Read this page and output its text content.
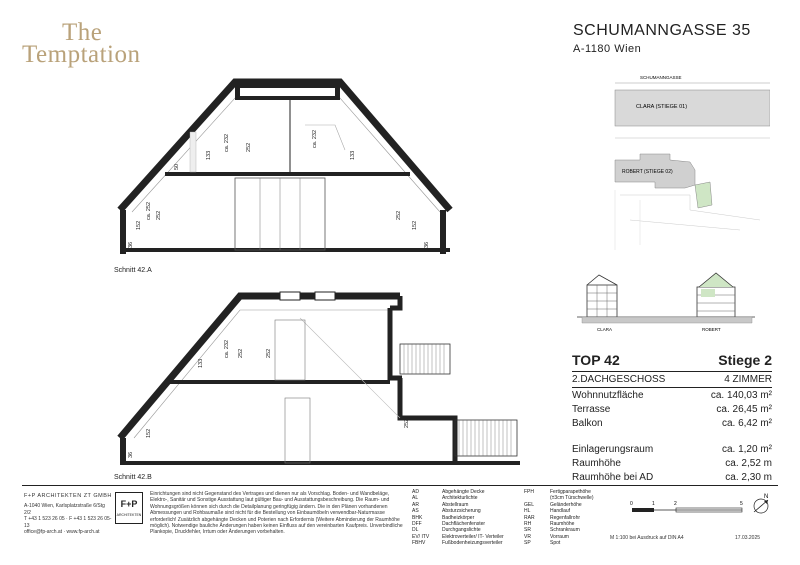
The
Temptation
SCHUMANNGASSE 35
A-1180 Wien
SCHUMANNGASSE
CLARA (STIEGE 01)
ROBERT (STIEGE 02)
CLARA	ROBERT
ca. 232	252
133
ca. 232
133
50
ca. 252 252
152
36
252
152
36
Schnitt 42.A
ca. 232 252	252
133
152
36
252
Schnitt 42.B
TOP 42	Stiege 2
2.DACHGESCHOSS	4 ZIMMER
Wohnnutzfläche	ca. 140,03 m²
Terrasse	ca. 26,45 m²
Balkon	ca. 6,42 m²
Einlagerungsraum	ca. 1,20 m²
Raumhöhe	ca. 2,52 m
Raumhöhe bei AD	ca. 2,30 m
F+P ARCHITEKTEN ZT GMBH
A-1040 Wien, Karlsplatzstraße 6/Stg 2/2
T +43 1 523 26 05 · F +43 1 523 26 05-13
office@fp-arch.at · www.fp-arch.at
F+P
ARCHITEKTEN
Einrichtungen sind nicht Gegenstand des Vertrages und dienen nur als Vorschlag. Boden- und Wandbeläge, Elektro-, Sanitär und Sonstige Ausstattung laut gültiger Bau- und Ausstattungsbeschreibung. Die Raum- und Wohnungsgrößen können sich durch die Detailplanung geringfügig ändern. Die in den Plänen vorhandenen Abmessungen und Rohbaumaße sind nicht für die Bestellung von Einbaumöbeln verwendbar-Naturmasse erforderlich! Zusätzlich abgehängte Decken und Poterien nach Erfordernis (Weitere Abminderung der Raumhöhe möglich). Notwendige bauliche Änderungen haben keinen Einfluss auf den vereinbarten Kaufpreis. Unverbindliche Plankopie, Druckfehler, Irrtum oder Änderungen vorbehalten.
AD	Abgehängte Decke
AL	Architekturlichte
AR	Abstellraum
AS	Absturzsicherung
BHK	Badheizkörper
DFF	Dachflächenfenster
DL	Durchgangslichte
EV/ ITV	Elektroverteiler/ IT- Verteiler
FBHV	Fußbodenheizungsverteiler
FPH	Fertigparapethöhe (±3cm Türschwelle)
GEL	Geländerhöhe
HL	Handlauf
RAR	Regenfallrohr
RH	Raumhöhe
SR	Schrankraum
VR	Vorraum
SP	Spot
0	1	2	5
N
M 1:100 bei Ausdruck auf DIN A4	17.03.2025
